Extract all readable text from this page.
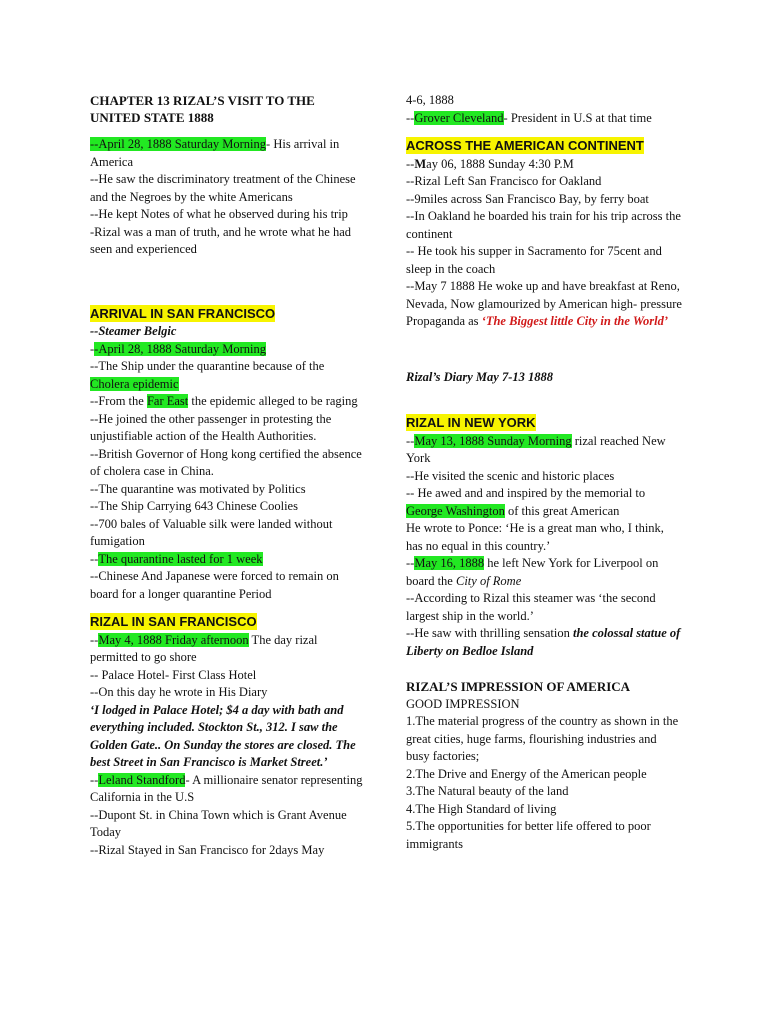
CHAPTER 13 RIZAL’S VISIT TO THE UNITED STATE 1888

--April 28, 1888 Saturday Morning- His arrival in America

--He saw the discriminatory treatment of the Chinese and the Negroes by the white Americans

--He kept Notes of what he observed during his trip

-Rizal was a man of truth, and he wrote what he had seen and experienced

ARRIVAL IN SAN FRANCISCO

--Steamer Belgic

--April 28, 1888 Saturday Morning

--The Ship under the quarantine because of the

Cholera epidemic

--From the Far East the epidemic alleged to be raging

--He joined the other passenger in protesting the unjustifiable action of the Health Authorities.

--British Governor of Hong kong certified the absence of cholera case in China.

--The quarantine was motivated by Politics

--The Ship Carrying 643 Chinese Coolies

--700 bales of Valuable silk were landed without fumigation

--The quarantine lasted for 1 week

--Chinese And Japanese were forced to remain on board for a longer quarantine Period

RIZAL IN SAN FRANCISCO

--May 4, 1888 Friday afternoon The day rizal permitted to go shore

-- Palace Hotel- First Class Hotel

--On this day he wrote in His Diary

‘I lodged in Palace Hotel; $4 a day with bath and everything included. Stockton St., 312. I saw the Golden Gate.. On Sunday the stores are closed. The best Street in San Francisco is Market Street.’

--Leland Standford- A millionaire senator representing California in the U.S

--Dupont St. in China Town which is Grant Avenue Today

--Rizal Stayed in San Francisco for 2days May

4-6, 1888

--Grover Cleveland- President in U.S at that time

ACROSS THE AMERICAN CONTINENT

--May 06, 1888 Sunday 4:30 P.M

--Rizal Left San Francisco for Oakland

--9miles across San Francisco Bay, by ferry boat

--In Oakland he boarded his train for his trip across the continent

-- He took his supper in Sacramento for 75cent and sleep in the coach

--May 7 1888 He woke up and have breakfast at Reno, Nevada, Now glamourized by American high- pressure Propaganda as ‘The Biggest little City in the World’

Rizal’s Diary May 7-13 1888

RIZAL IN NEW YORK

--May 13, 1888 Sunday Morning rizal reached New York

--He visited the scenic and historic places

-- He awed and and inspired by the memorial to

George Washington of this great American

He wrote to Ponce: ‘He is a great man who, I think, has no equal in this country.’

--May 16, 1888 he left New York for Liverpool on board the City of Rome

--According to Rizal this steamer was ‘the second largest ship in the world.’

--He saw with thrilling sensation the colossal statue of Liberty on Bedloe Island

RIZAL’S IMPRESSION OF AMERICA

GOOD IMPRESSION

1.The material progress of the country as shown in the great cities, huge farms, flourishing industries and busy factories;

2.The Drive and Energy of the American people

3.The Natural beauty of the land

4.The High Standard of living

5.The opportunities for better life offered to poor immigrants
